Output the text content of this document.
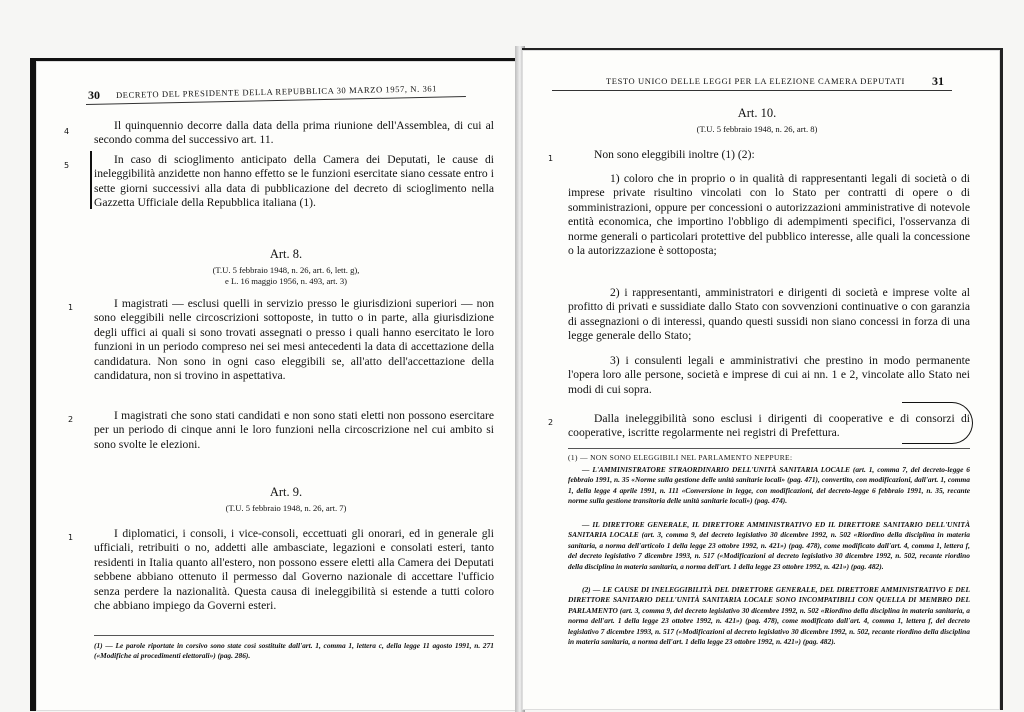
30 DECRETO DEL PRESIDENTE DELLA REPUBBLICA 30 MARZO 1957, N. 361
4	Il quinquennio decorre dalla data della prima riunione dell'Assemblea, di cui al secondo comma del successivo art. 11.
5	In caso di scioglimento anticipato della Camera dei Deputati, le cause di ineleggibilità anzidette non hanno effetto se le funzioni esercitate siano cessate entro i sette giorni successivi alla data di pubblicazione del decreto di scioglimento nella Gazzetta Ufficiale della Repubblica italiana (1).
Art. 8.
(T.U. 5 febbraio 1948, n. 26, art. 6, lett. g),
e L. 16 maggio 1956, n. 493, art. 3)
1	I magistrati — esclusi quelli in servizio presso le giurisdizioni superiori — non sono eleggibili nelle circoscrizioni sottoposte, in tutto o in parte, alla giurisdizione degli uffici ai quali si sono trovati assegnati o presso i quali hanno esercitato le loro funzioni in un periodo compreso nei sei mesi antecedenti la data di accettazione della candidatura. Non sono in ogni caso eleggibili se, all'atto dell'accettazione della candidatura, non si trovino in aspettativa.
2	I magistrati che sono stati candidati e non sono stati eletti non possono esercitare per un periodo di cinque anni le loro funzioni nella circoscrizione nel cui ambito si sono svolte le elezioni.
Art. 9.
(T.U. 5 febbraio 1948, n. 26, art. 7)
1	I diplomatici, i consoli, i vice-consoli, eccettuati gli onorari, ed in generale gli ufficiali, retribuiti o no, addetti alle ambasciate, legazioni e consolati esteri, tanto residenti in Italia quanto all'estero, non possono essere eletti alla Camera dei Deputati sebbene abbiano ottenuto il permesso dal Governo nazionale di accettare l'ufficio senza perdere la nazionalità. Questa causa di ineleggibilità si estende a tutti coloro che abbiano impiego da Governi esteri.
(1) — Le parole riportate in corsivo sono state così sostituite dall'art. 1, comma 1, lettera c, della legge 11 agosto 1991, n. 271 («Modifiche ai procedimenti elettorali») (pag. 286).
TESTO UNICO DELLE LEGGI PER LA ELEZIONE CAMERA DEPUTATI 31
Art. 10.
(T.U. 5 febbraio 1948, n. 26, art. 8)
1	Non sono eleggibili inoltre (1) (2):
1) coloro che in proprio o in qualità di rappresentanti legali di società o di imprese private risultino vincolati con lo Stato per contratti di opere o di somministrazioni, oppure per concessioni o autorizzazioni amministrative di notevole entità economica, che importino l'obbligo di adempimenti specifici, l'osservanza di norme generali o particolari protettive del pubblico interesse, alle quali la concessione o la autorizzazione è sottoposta;
2) i rappresentanti, amministratori e dirigenti di società e imprese volte al profitto di privati e sussidiate dallo Stato con sovvenzioni continuative o con garanzia di assegnazioni o di interessi, quando questi sussidi non siano concessi in forza di una legge generale dello Stato;
3) i consulenti legali e amministrativi che prestino in modo permanente l'opera loro alle persone, società e imprese di cui ai nn. 1 e 2, vincolate allo Stato nei modi di cui sopra.
2	Dalla ineleggibilità sono esclusi i dirigenti di cooperative e di consorzi di cooperative, iscritte regolarmente nei registri di Prefettura.
(1) — NON SONO ELEGGIBILI NEL PARLAMENTO NEPPURE:
— L'AMMINISTRATORE STRAORDINARIO DELL'UNITÀ SANITARIA LOCALE (art. 1, comma 7, del decreto-legge 6 febbraio 1991, n. 35 «Norme sulla gestione delle unità sanitarie locali» (pag. 471), convertito, con modificazioni, dall'art. 1, comma 1, della legge 4 aprile 1991, n. 111 «Conversione in legge, con modificazioni, del decreto-legge 6 febbraio 1991, n. 35, recante norme sulla gestione transitoria delle unità sanitarie locali») (pag. 474).
— IL DIRETTORE GENERALE, IL DIRETTORE AMMINISTRATIVO ED IL DIRETTORE SANITARIO DELL'UNITÀ SANITARIA LOCALE (art. 3, comma 9, del decreto legislativo 30 dicembre 1992, n. 502 «Riordino della disciplina in materia sanitaria, a norma dell'articolo 1 della legge 23 ottobre 1992, n. 421») (pag. 478), come modificato dall'art. 4, comma 1, lettera f, del decreto legislativo 7 dicembre 1993, n. 517 («Modificazioni al decreto legislativo 30 dicembre 1992, n. 502, recante riordino della disciplina in materia sanitaria, a norma dell'art. 1 della legge 23 ottobre 1992, n. 421») (pag. 482).
(2) — LE CAUSE DI INELEGGIBILITÀ DEL DIRETTORE GENERALE, DEL DIRETTORE AMMINISTRATIVO E DEL DIRETTORE SANITARIO DELL'UNITÀ SANITARIA LOCALE SONO INCOMPATIBILI CON QUELLA DI MEMBRO DEL PARLAMENTO (art. 3, comma 9, del decreto legislativo 30 dicembre 1992, n. 502 «Riordino della disciplina in materia sanitaria, a norma dell'art. 1 della legge 23 ottobre 1992, n. 421») (pag. 478), come modificato dall'art. 4, comma 1, lettera f, del decreto legislativo 7 dicembre 1993, n. 517 («Modificazioni al decreto legislativo 30 dicembre 1992, n. 502, recante riordino della disciplina in materia sanitaria, a norma dell'art. 1 della legge 23 ottobre 1992, n. 421») (pag. 482).
